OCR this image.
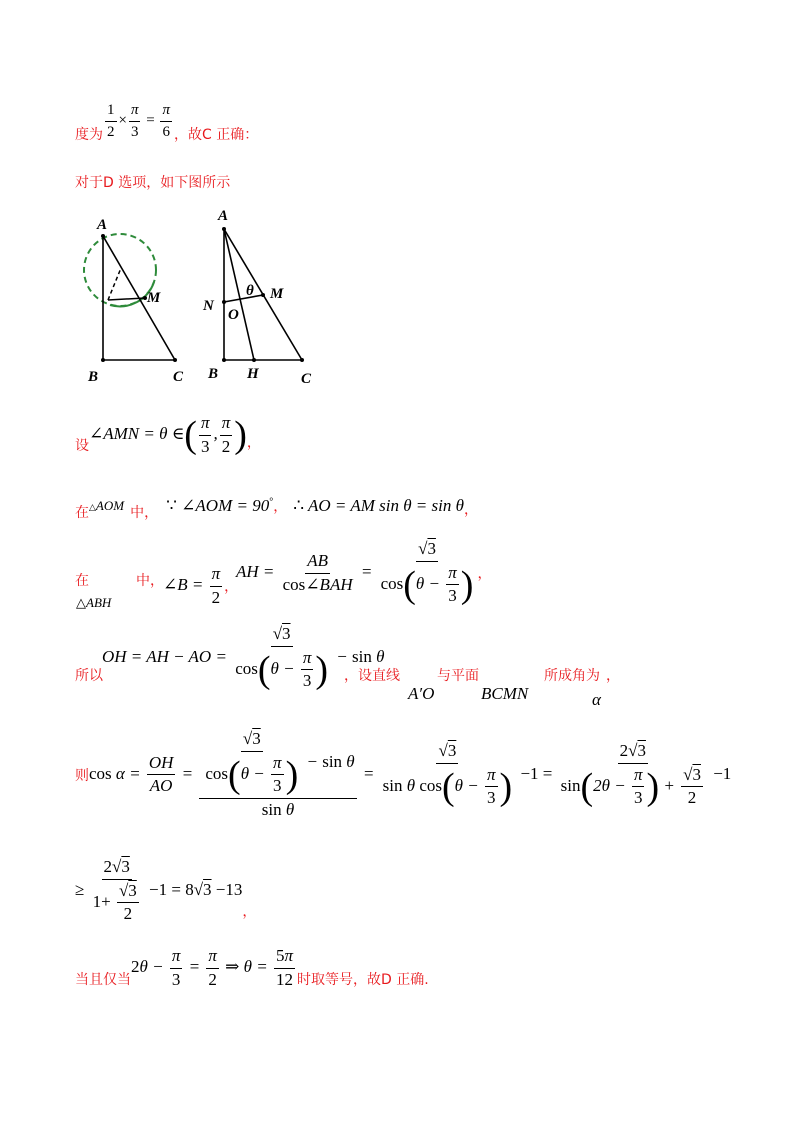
度为 $\frac{1}{2} \times \frac{\pi}{3} = \frac{\pi}{6}$ ，故C 正确：
对于D 选项，如下图所示
A
M
B	C
A
M
N
O
θ
B H	C
设
∠AMN = θ ∈( $\frac{\pi}{3}$ , $\frac{\pi}{2}$ ) ，
在 △AOM 中， ∵ ∠AOM = 90° ， ∴ AO = AM sin θ = sin θ ，
在
△ABH
中， ∠B = $\frac{\pi}{2}$ ，
AH = $\frac{AB}{\text{cos∠BAH}} = \frac{√3}{\cos(\theta - \frac{\pi}{3} )}$ ，
所以
OH = AH − AO = $\frac{√3}{\cos(\theta - \frac{\pi}{3} )} - \sin \theta$
，设直线	与平面	所成角为 ，
A′O	BCMN	α
则 $\cos \alpha = \frac{OH}{AO} = \frac{\frac{√3}{\cos(\theta - \frac{\pi}{3} )} - \sin \theta}{\text{sin θ}} = \frac{√3}{\sin \theta \cos(\theta - \frac{\pi}{3} )} -1 = \frac{2√3}{\sin(2\theta - \frac{\pi}{3} ) + \frac{√3}{2}} -1$
≥ $\frac{2√3}{1+ \frac{√3}{2}} -1 = 8√3 -13$
，
当且仅当
$2\theta - \frac{\pi}{3} = \frac{\pi}{2}$ ⇒ $\theta = \frac{5\pi}{12}$ 时取等号，故D 正确.
